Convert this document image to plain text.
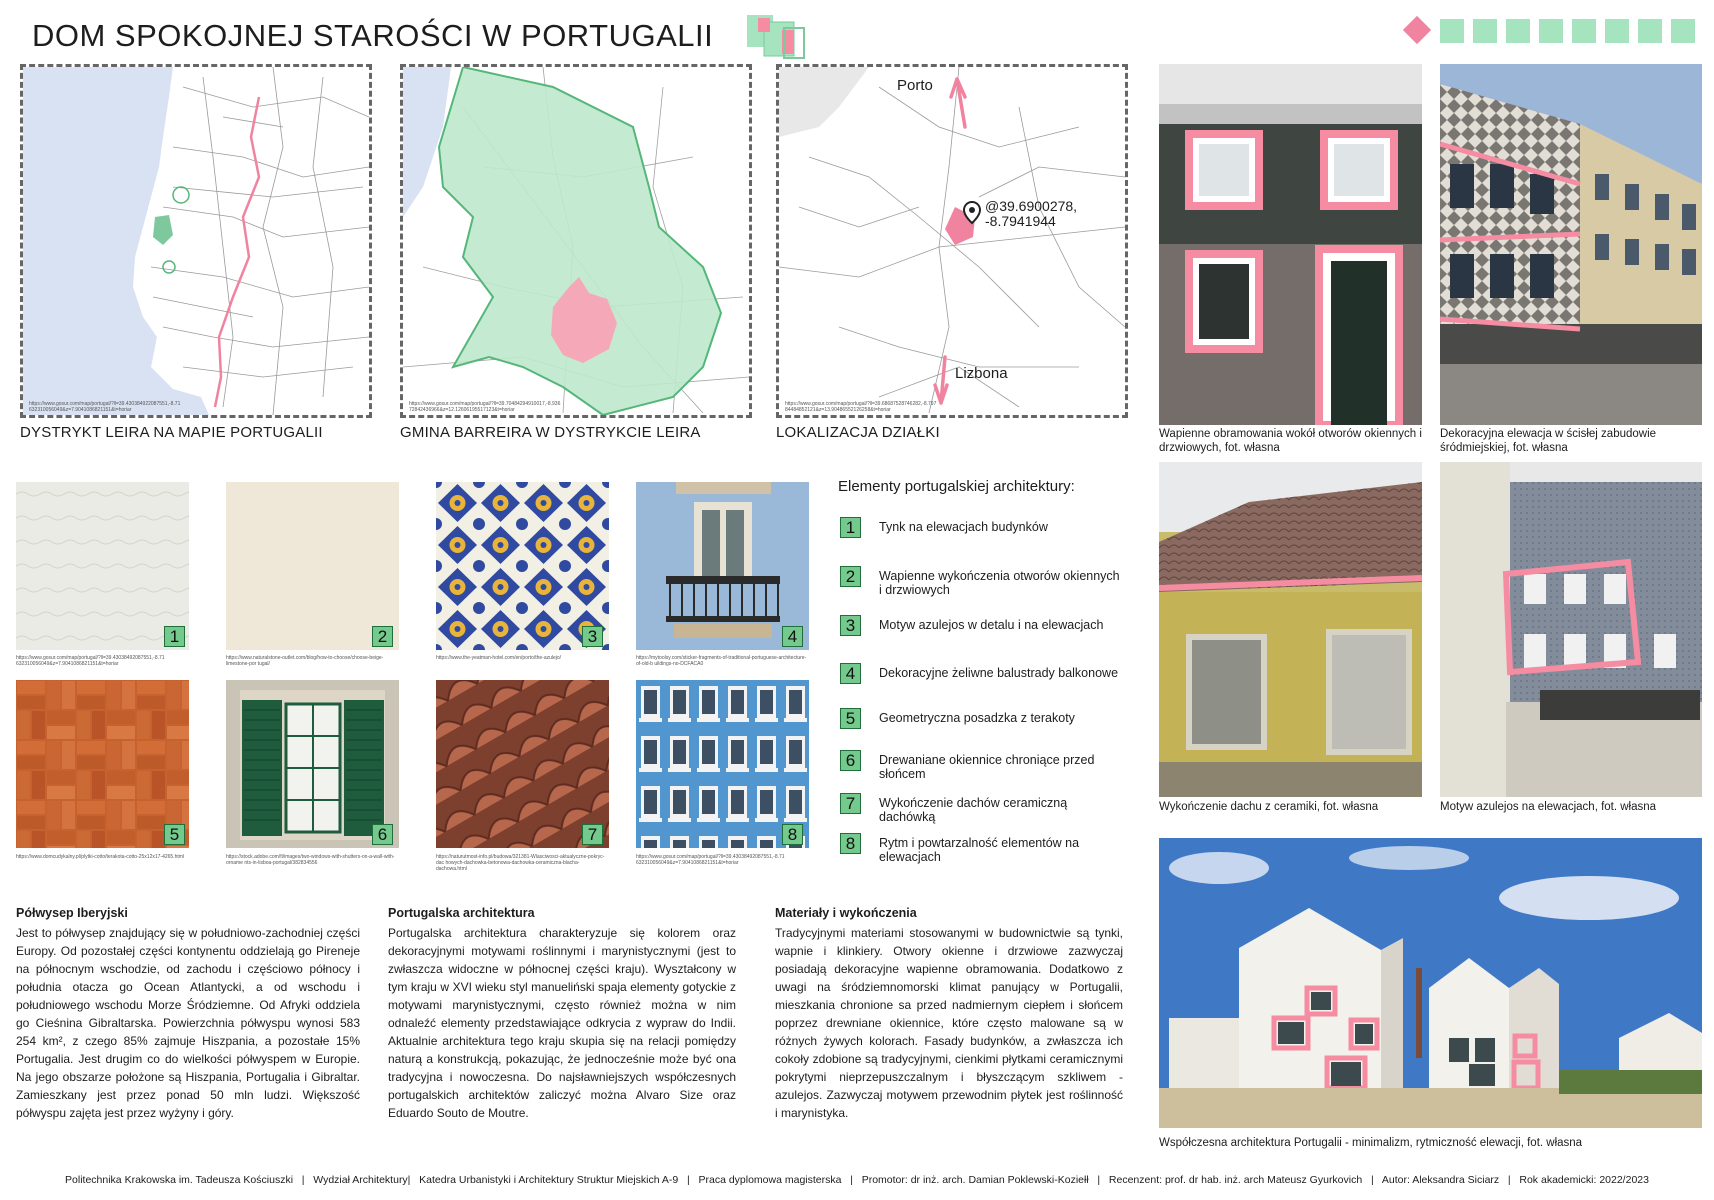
DOM SPOKOJNEJ STAROŚCI W PORTUGALII
https://www.gosur.com/map/portugal/?ll=39.430384922087551,-8.71 632310056049&z=7.9041086821151&t=horiar
DYSTRYKT LEIRA NA MAPIE PORTUGALII
https://www.gosur.com/map/portugal/?ll=39.70484294910017,-8.936 72842436966&z=12.12606195517123&t=horiar
GMINA BARREIRA W DYSTRYKCIE LEIRA
Porto
Lizbona
@39.6900278, -8.7941944
https://www.gosur.com/map/portugal/?ll=39.68687528746282,-8.797 84484852121&z=13.90486552126258&t=horiar
LOKALIZACJA DZIAŁKI
1
https://www.gosur.com/map/portugal/?ll=39.43038492087551,-8.71 632310056049&z=7.9041086821151&t=horiar
2
https://www.naturalstone-outlet.com/blog/how-to-choose/choose-beige-limestone-por tugal/
3
https://www.the-yeatman-hotel.com/en/porto/the-azulejo/
4
https://mytoolsy.com/sticker-fragments-of-traditional-portuguese-architecture-of-old-b uildings-no-DCFACA0
5
https://www.domcudykalny.pl/plytki-cotto/terakota-cotto-25x12x17-4265.html
6
https://stock.adobe.com/fi/images/two-windows-with-shutters-on-a-wall-with-orname nts-in-lisboa-portugal/382834556
7
https://naturutmost-info.pl/budowa/321381-Wlasciwosci-aktualyczne-pokryc-dac howych-dachowka-betonowa-dachowka-ceramiczna-blacha-dachowa.html
8
https://www.gosur.com/map/portugal/?ll=39.43038492087551,-8.71 632310056049&z=7.9041086821151&t=horiar
Elementy portugalskiej architektury:
1	Tynk na elewacjach budynków
2	Wapienne wykończenia otworów okiennych i drzwiowych
3	Motyw azulejos w detalu i na elewacjach
4	Dekoracyjne żeliwne balustrady balkonowe
5	Geometryczna posadzka z terakoty
6	Drewaniane okiennice chroniące przed słońcem
7	Wykończenie dachów ceramiczną dachówką
8	Rytm i powtarzalność elementów na elewacjach
Wapienne obramowania wokół otworów okiennych i drzwiowych, fot. własna
Dekoracyjna elewacja w ścisłej zabudowie śródmiejskiej, fot. własna
Wykończenie dachu z ceramiki, fot. własna	Motyw azulejos na elewacjach, fot. własna
Współczesna architektura Portugalii - minimalizm, rytmiczność elewacji, fot. własna
Półwysep Iberyjski

Jest to półwysep znajdujący się w południowo-zachodniej części Europy. Od pozostałej części kontynentu oddzielają go Pireneje na północnym wschodzie, od zachodu i częściowo północy i południa otacza go Ocean Atlantycki, a od wschodu i południowego wschodu Morze Śródziemne. Od Afryki oddziela go Cieśnina Gibraltarska. Powierzchnia półwyspu wynosi 583 254 km², z czego 85% zajmuje Hiszpania, a pozostałe 15% Portugalia. Jest drugim co do wielkości półwyspem w Europie. Na jego obszarze położone są Hiszpania, Portugalia i Gibraltar. Zamieszkany jest przez ponad 50 mln ludzi. Większość półwyspu zajęta jest przez wyżyny i góry.

Portugalska architektura

Portugalska architektura charakteryzuje się kolorem oraz dekoracyjnymi motywami roślinnymi i marynistycznymi (jest to zwłaszcza widoczne w północnej części kraju). Wyształcony w tym kraju w XVI wieku styl manueliński spaja elementy gotyckie z motywami marynistycznymi, często również można w nim odnaleźć elementy przedstawiające odkrycia z wypraw do Indii. Aktualnie architektura tego kraju skupia się na relacji pomiędzy naturą a konstrukcją, pokazując, że jednocześnie może być ona tradycyjna i nowoczesna. Do najsławniejszych współczesnych portugalskich architektów zaliczyć można Alvaro Size oraz Eduardo Souto de Moutre.

Materiały i wykończenia

Tradycyjnymi materiami stosowanymi w budownictwie są tynki, wapnie i klinkiery. Otwory okienne i drzwiowe zazwyczaj posiadają dekoracyjne wapienne obramowania. Dodatkowo z uwagi na śródziemnomorski klimat panujący w Portugalii, mieszkania chronione sa przed nadmiernym ciepłem i słońcem poprzez drewniane okiennice, które często malowane są w różnych żywych kolorach. Fasady budynków, a zwłaszcza ich cokoły zdobione są tradycyjnymi, cienkimi płytkami ceramicznymi pokrytymi nieprzepuszczalnym i błyszczącym szkliwem - azulejos. Zazwyczaj motywem przewodnim płytek jest roślinność i marynistyka.

Politechnika Krakowska im. Tadeusza Kościuszki   |   Wydział Architektury|   Katedra Urbanistyki i Architektury Struktur Miejskich A-9   |   Praca dyplomowa magisterska   |   Promotor: dr inż. arch. Damian Poklewski-Koziełł   |   Recenzent: prof. dr hab. inż. arch Mateusz Gyurkovich   |   Autor: Aleksandra Siciarz   |   Rok akademicki: 2022/2023
